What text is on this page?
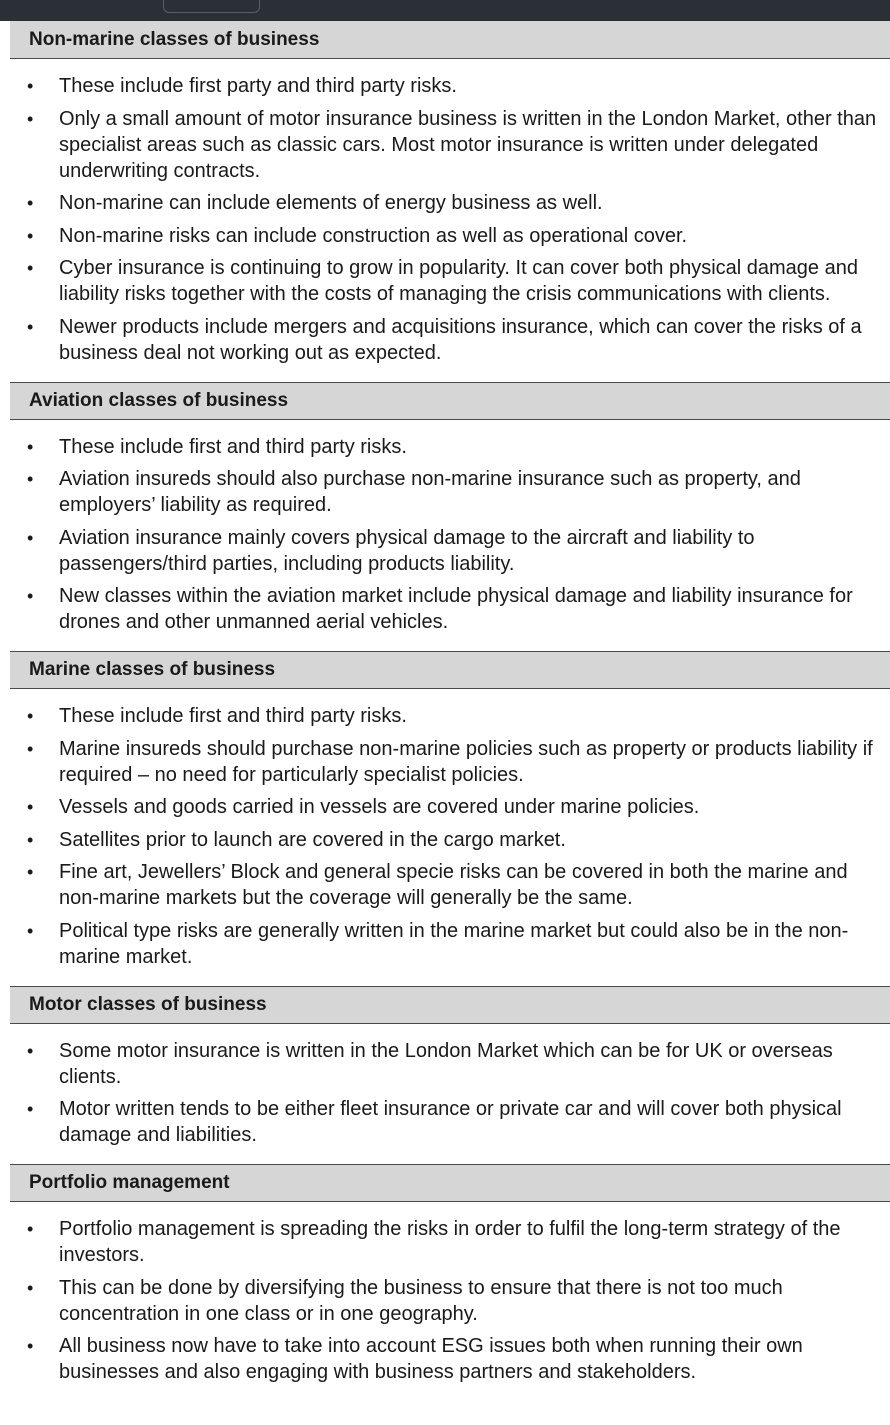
Non-marine classes of business
• These include first party and third party risks.
• Only a small amount of motor insurance business is written in the London Market, other than specialist areas such as classic cars. Most motor insurance is written under delegated underwriting contracts.
• Non-marine can include elements of energy business as well.
• Non-marine risks can include construction as well as operational cover.
• Cyber insurance is continuing to grow in popularity. It can cover both physical damage and liability risks together with the costs of managing the crisis communications with clients.
• Newer products include mergers and acquisitions insurance, which can cover the risks of a business deal not working out as expected.
Aviation classes of business
• These include first and third party risks.
• Aviation insureds should also purchase non-marine insurance such as property, and employers’ liability as required.
• Aviation insurance mainly covers physical damage to the aircraft and liability to passengers/third parties, including products liability.
• New classes within the aviation market include physical damage and liability insurance for drones and other unmanned aerial vehicles.
Marine classes of business
• These include first and third party risks.
• Marine insureds should purchase non-marine policies such as property or products liability if required – no need for particularly specialist policies.
• Vessels and goods carried in vessels are covered under marine policies.
• Satellites prior to launch are covered in the cargo market.
• Fine art, Jewellers’ Block and general specie risks can be covered in both the marine and non-marine markets but the coverage will generally be the same.
• Political type risks are generally written in the marine market but could also be in the non-marine market.
Motor classes of business
• Some motor insurance is written in the London Market which can be for UK or overseas clients.
• Motor written tends to be either fleet insurance or private car and will cover both physical damage and liabilities.
Portfolio management
• Portfolio management is spreading the risks in order to fulfil the long-term strategy of the investors.
• This can be done by diversifying the business to ensure that there is not too much concentration in one class or in one geography.
• All business now have to take into account ESG issues both when running their own businesses and also engaging with business partners and stakeholders.
